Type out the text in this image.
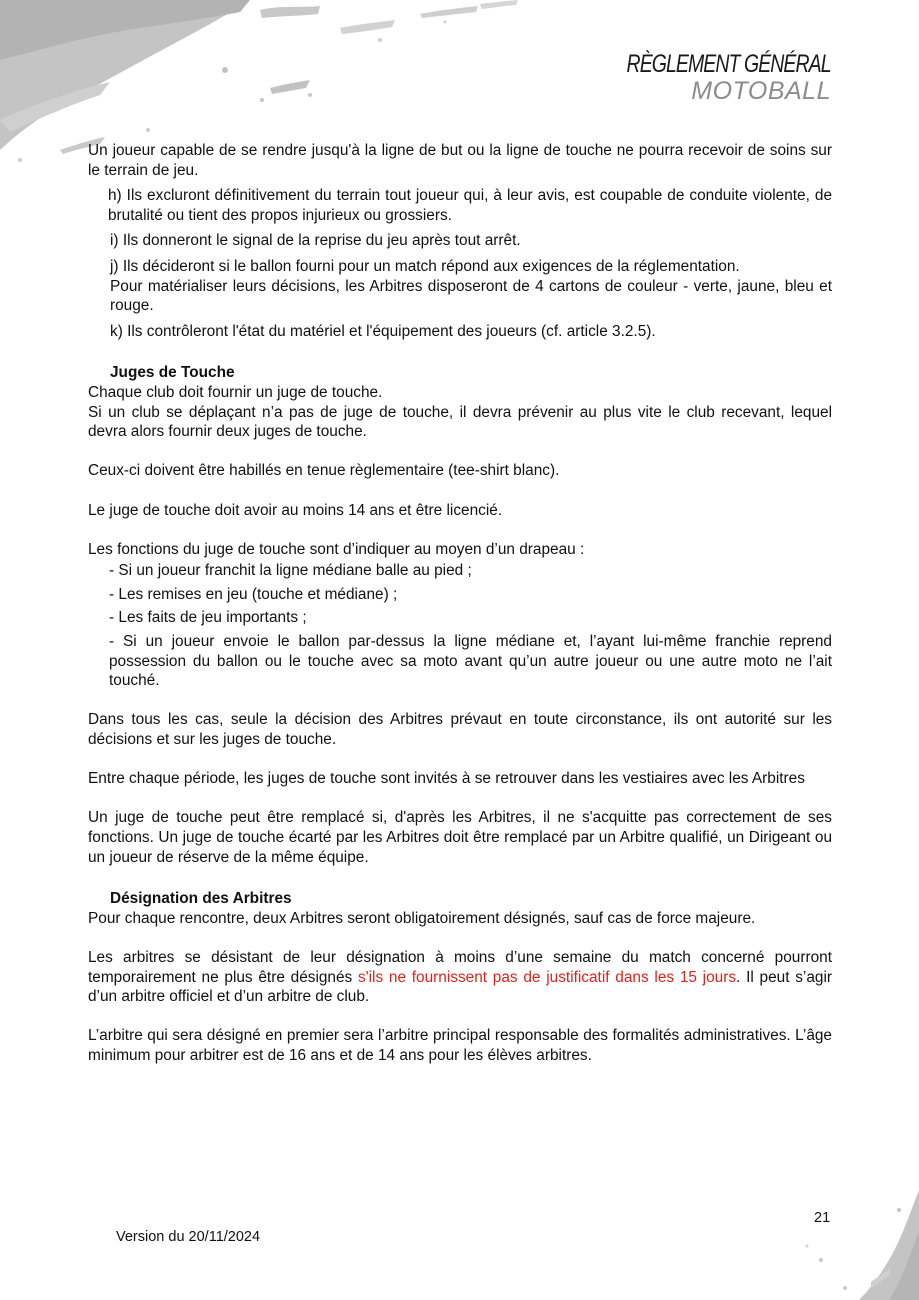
RÈGLEMENT GÉNÉRAL
MOTOBALL

Un joueur capable de se rendre jusqu'à la ligne de but ou la ligne de touche ne pourra recevoir de soins sur le terrain de jeu.

h) Ils excluront définitivement du terrain tout joueur qui, à leur avis, est coupable de conduite violente, de brutalité ou tient des propos injurieux ou grossiers.

i) Ils donneront le signal de la reprise du jeu après tout arrêt.

j) Ils décideront si le ballon fourni pour un match répond aux exigences de la réglementation.

Pour matérialiser leurs décisions, les Arbitres disposeront de 4 cartons de couleur - verte, jaune, bleu et rouge.

k) Ils contrôleront l'état du matériel et l'équipement des joueurs (cf. article 3.2.5).

Juges de Touche

Chaque club doit fournir un juge de touche.

Si un club se déplaçant n’a pas de juge de touche, il devra prévenir au plus vite le club recevant, lequel devra alors fournir deux juges de touche.

Ceux-ci doivent être habillés en tenue règlementaire (tee-shirt blanc).

Le juge de touche doit avoir au moins 14 ans et être licencié.

Les fonctions du juge de touche sont d’indiquer au moyen d’un drapeau :

- Si un joueur franchit la ligne médiane balle au pied ;
- Les remises en jeu (touche et médiane) ;
- Les faits de jeu importants ;
- Si un joueur envoie le ballon par-dessus la ligne médiane et, l’ayant lui-même franchie reprend possession du ballon ou le touche avec sa moto avant qu’un autre joueur ou une autre moto ne l’ait touché.

Dans tous les cas, seule la décision des Arbitres prévaut en toute circonstance, ils ont autorité sur les décisions et sur les juges de touche.

Entre chaque période, les juges de touche sont invités à se retrouver dans les vestiaires avec les Arbitres

Un juge de touche peut être remplacé si, d'après les Arbitres, il ne s'acquitte pas correctement de ses fonctions. Un juge de touche écarté par les Arbitres doit être remplacé par un Arbitre qualifié, un Dirigeant ou un joueur de réserve de la même équipe.

Désignation des Arbitres

Pour chaque rencontre, deux Arbitres seront obligatoirement désignés, sauf cas de force majeure.

Les arbitres se désistant de leur désignation à moins d’une semaine du match concerné pourront temporairement ne plus être désignés s'ils ne fournissent pas de justificatif dans les 15 jours. Il peut s’agir d’un arbitre officiel et d’un arbitre de club.

L’arbitre qui sera désigné en premier sera l’arbitre principal responsable des formalités administratives. L’âge minimum pour arbitrer est de 16 ans et de 14 ans pour les élèves arbitres.

Version du 20/11/2024
21
